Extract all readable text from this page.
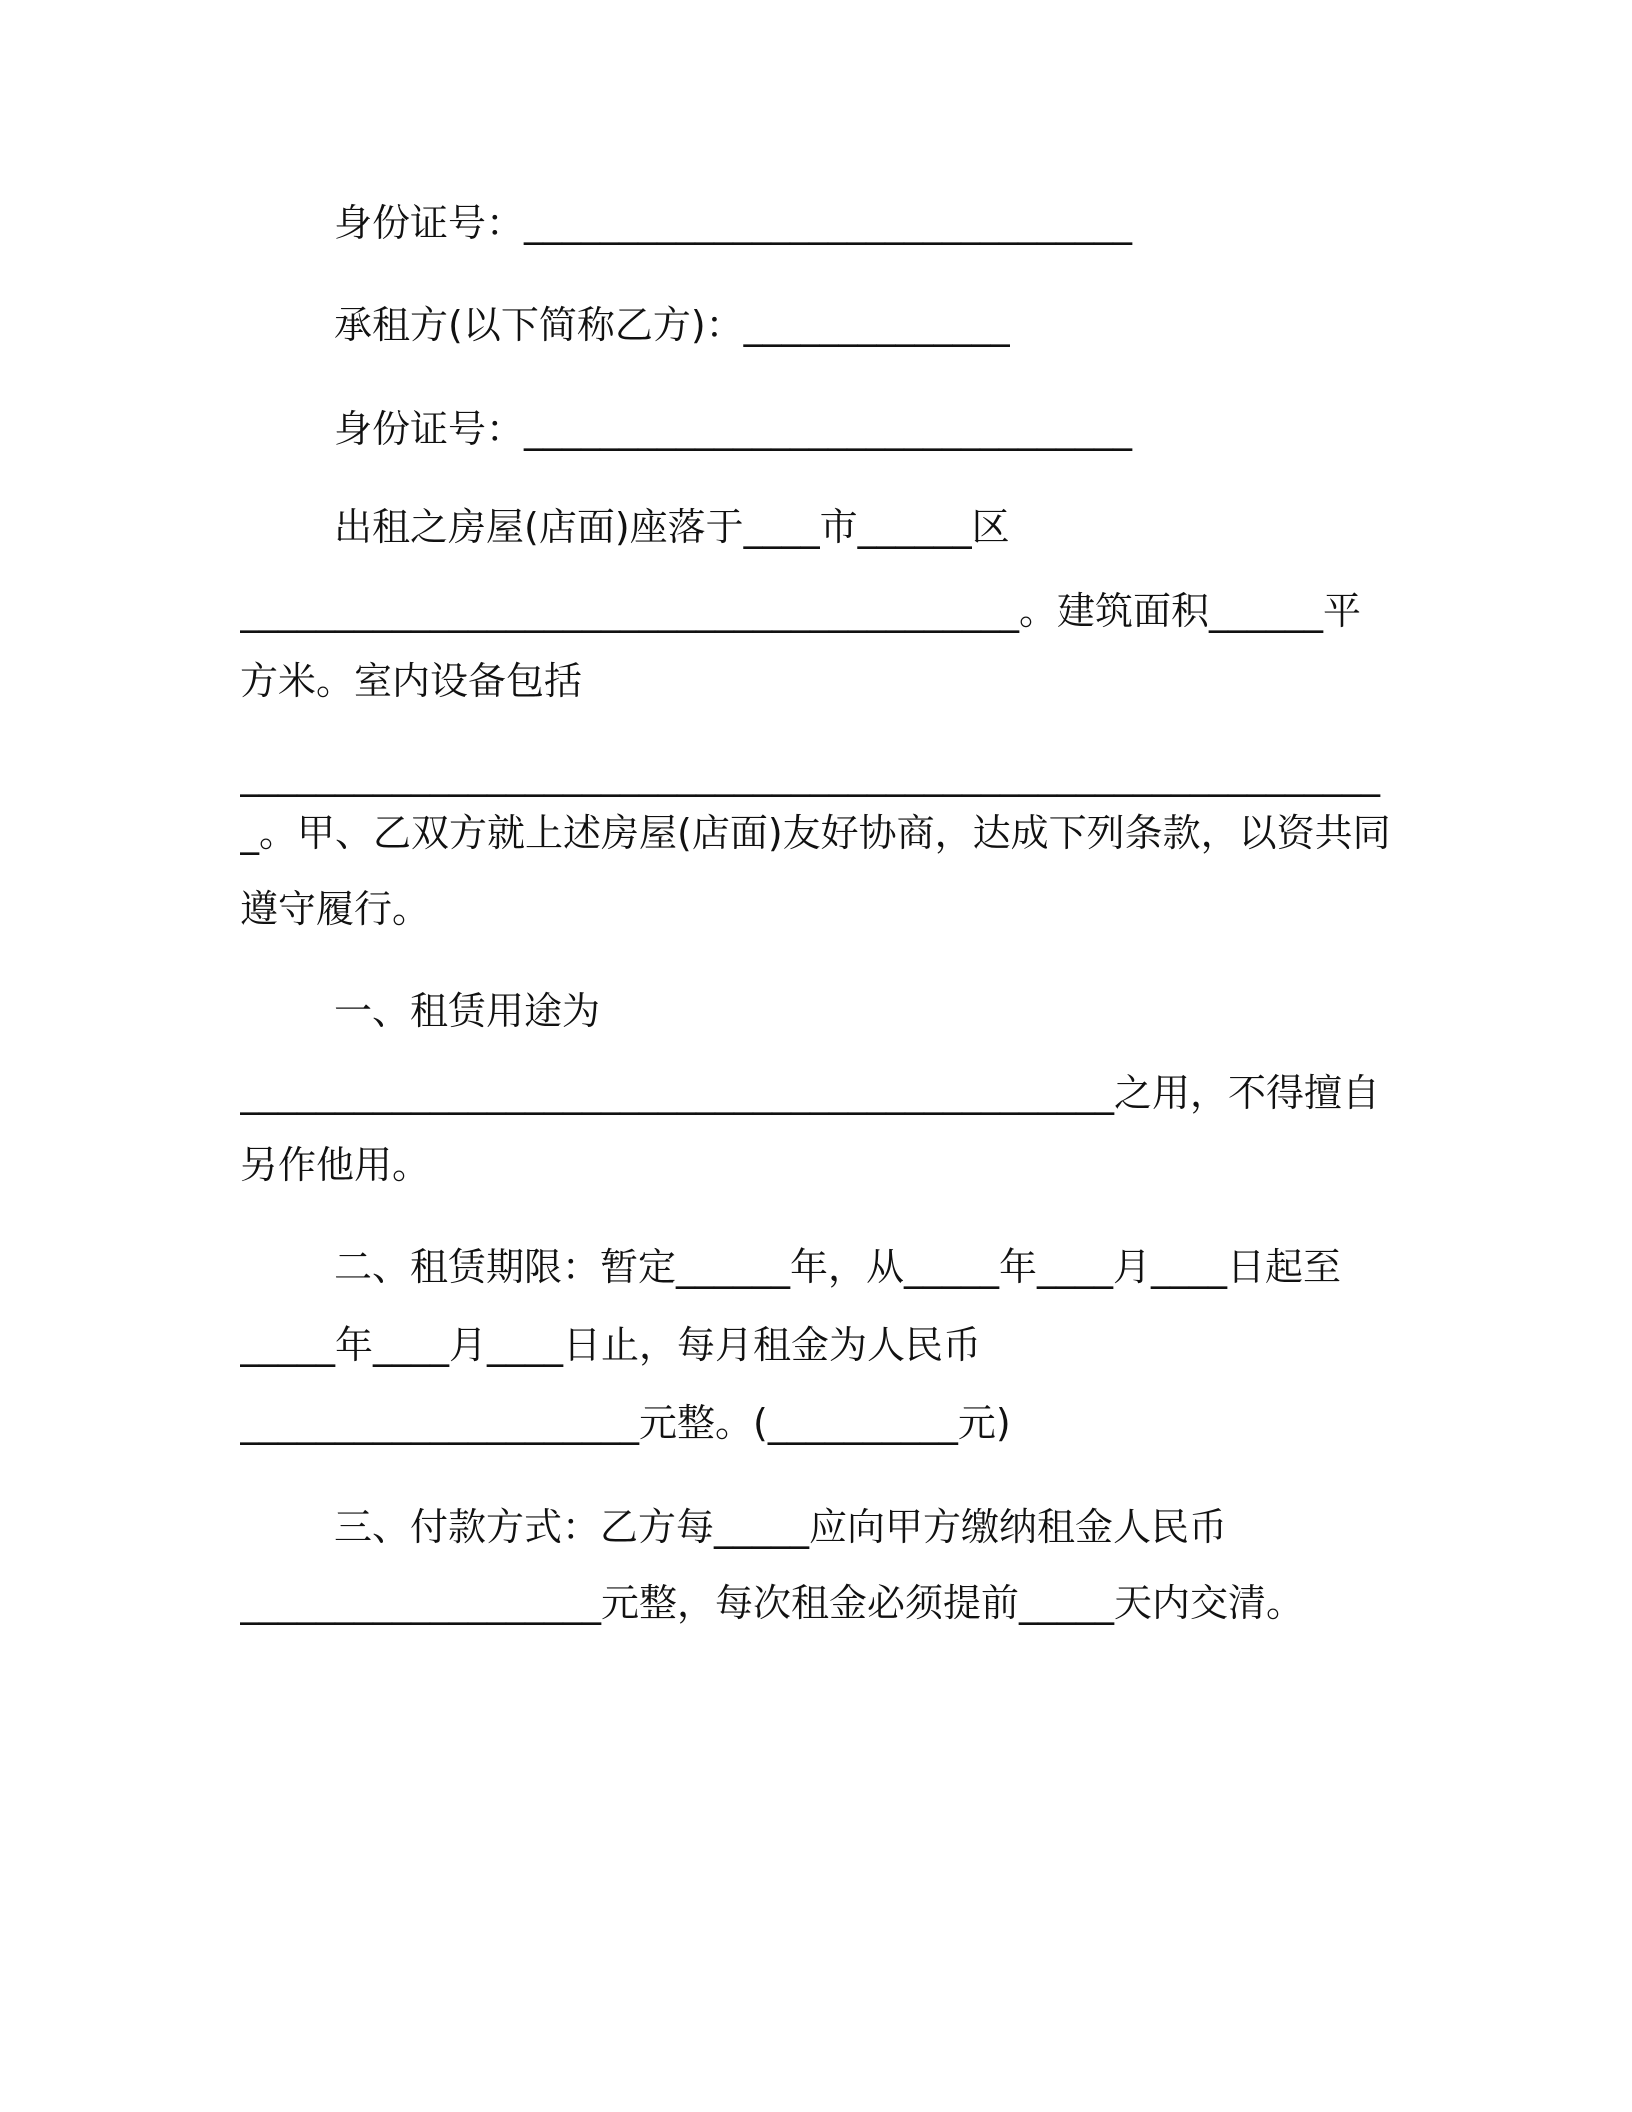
身份证号：________________________________

承租方(以下简称乙方)：______________

身份证号：________________________________

出租之房屋(店面)座落于____市______区

_________________________________________。建筑面积______平

方米。室内设备包括

____________________________________________________________

_。甲、乙双方就上述房屋(店面)友好协商，达成下列条款，以资共同

遵守履行。

一、租赁用途为

______________________________________________之用，不得擅自

另作他用。

二、租赁期限：暂定______年，从_____年____月____日起至

_____年____月____日止，每月租金为人民币

_____________________元整。(__________元)

三、付款方式：乙方每_____应向甲方缴纳租金人民币

___________________元整，每次租金必须提前_____天内交清。
